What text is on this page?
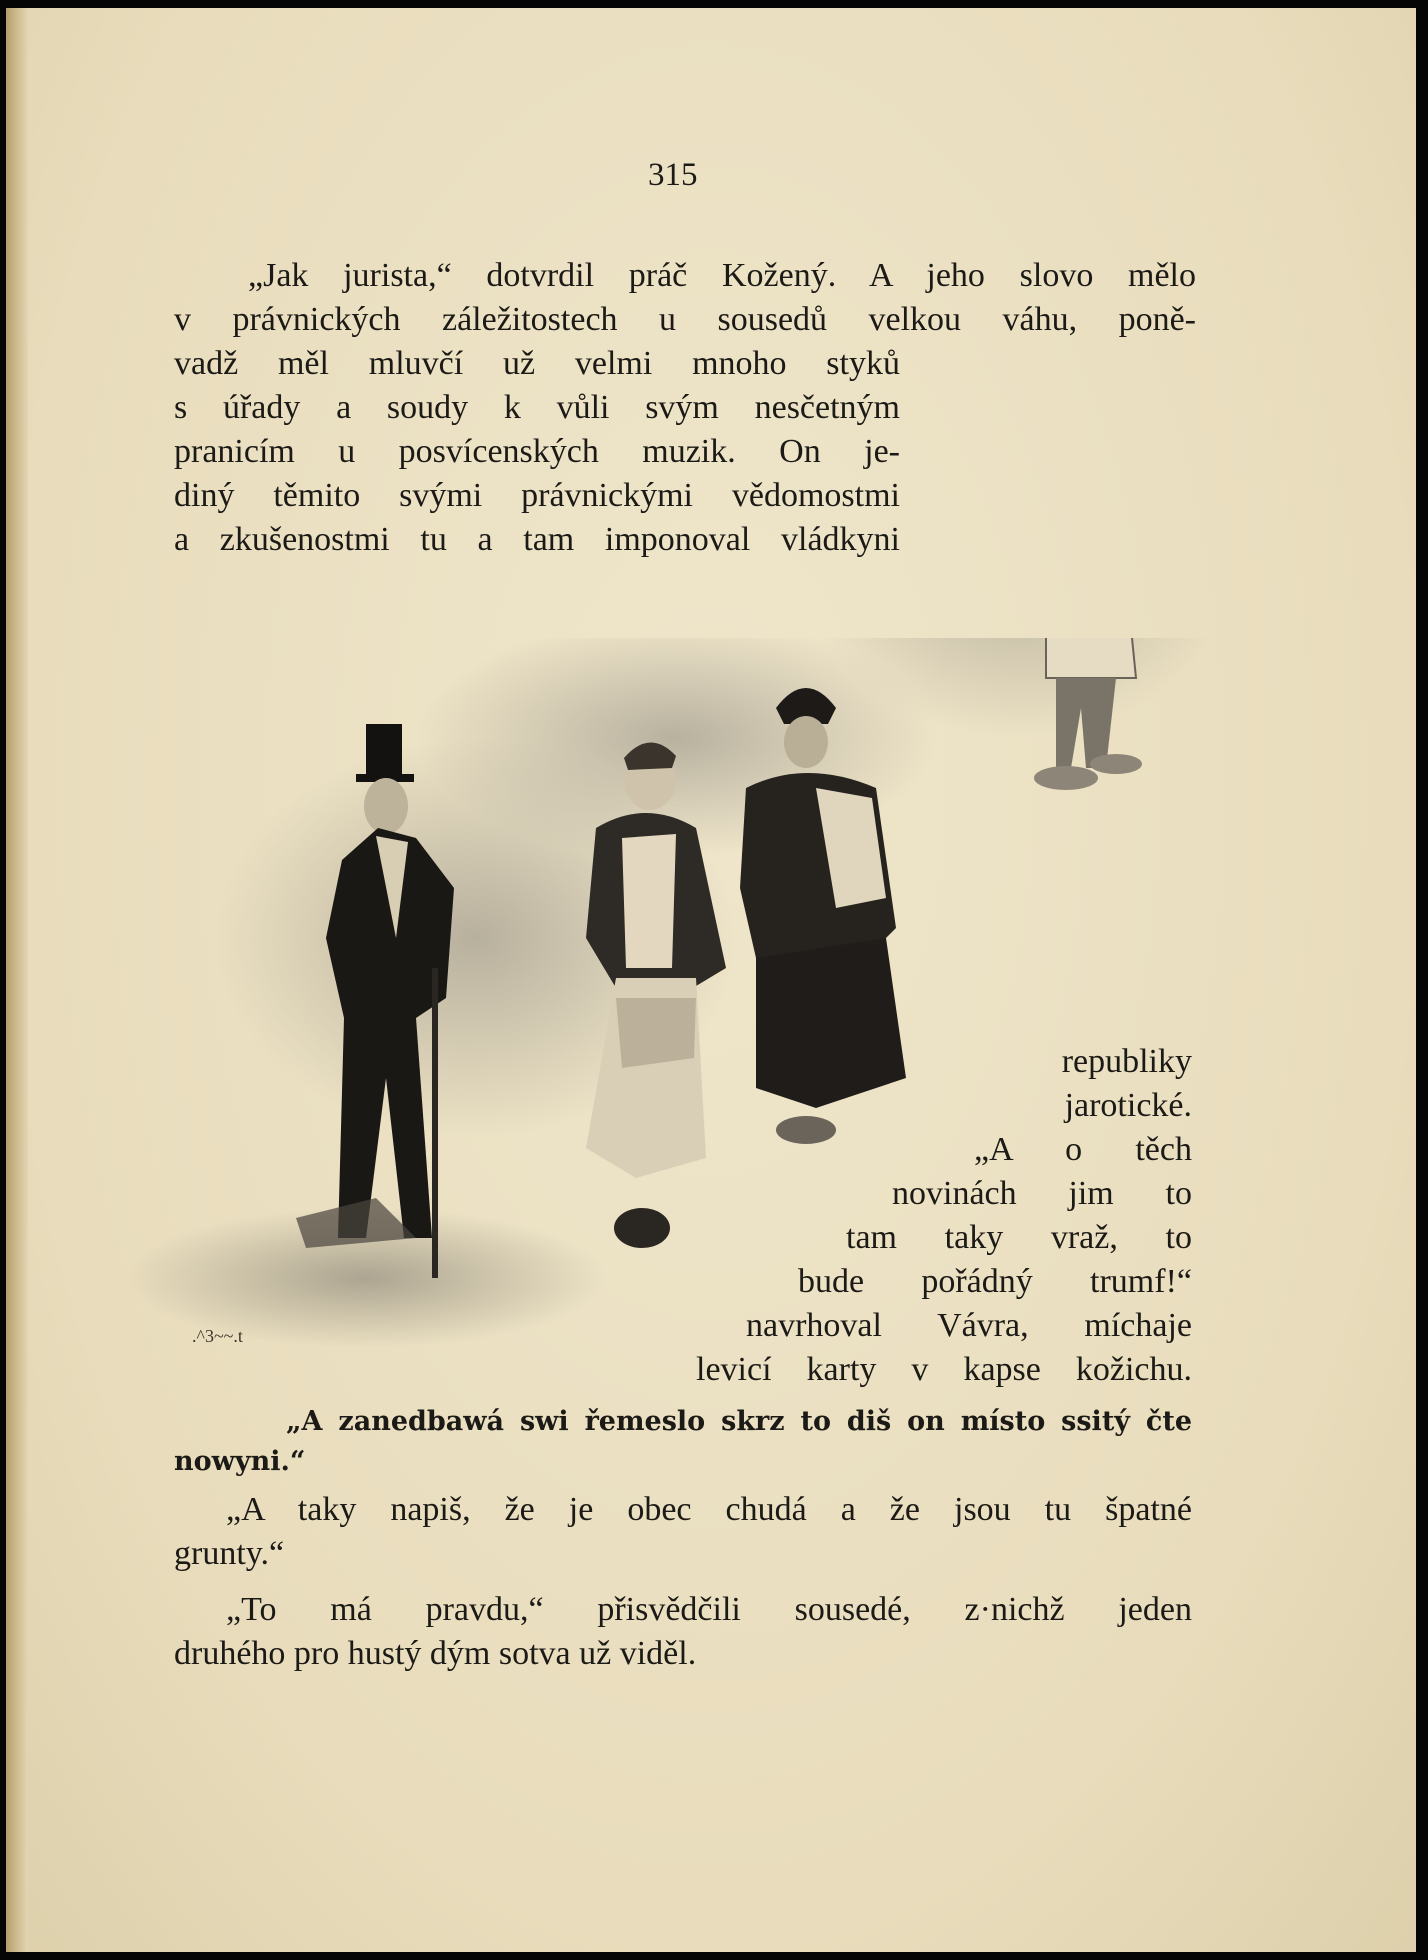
315
„Jak jurista,“ dotvrdil práč Kožený. A jeho slovo mělo
v právnických záležitostech u sousedů velkou váhu, poně-
vadž měl mluvčí už velmi mnoho styků
s úřady a soudy k vůli svým nesčetným
pranicím u posvícenských muzik. On je-
diný těmito svými právnickými vědomostmi
a zkušenostmi tu a tam imponoval vládkyni
.^3~~.t
republiky
jarotické.
„A o těch
novinách jim to
tam taky vraž, to
bude pořádný trumf!“
navrhoval Vávra, míchaje
levicí karty v kapse kožichu.
„A zanedbawá swi řemeslo skrz to diš on místo ssitý čte
nowyni.“
„A taky napiš, že je obec chudá a že jsou tu špatné
grunty.“
„To má pravdu,“ přisvědčili sousedé, z·nichž jeden
druhého pro hustý dým sotva už viděl.
